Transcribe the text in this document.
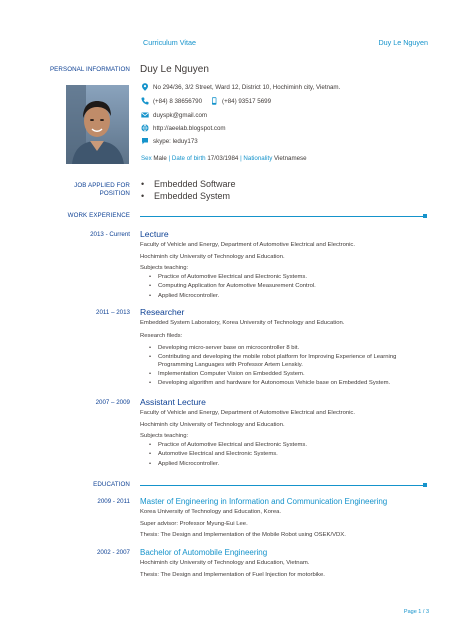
Curriculum Vitae	Duy Le Nguyen
PERSONAL INFORMATION Duy Le Nguyen
No 294/36, 3/2 Street, Ward 12, District 10, Hochiminh city, Vietnam.
(+84) 8 38656790	(+84) 93517 5699
duyspk@gmail.com
http://aeelab.blogspot.com
skype: leduy173
Sex Male | Date of birth 17/03/1984 | Nationality Vietnamese
JOB APPLIED FOR
POSITION
• Embedded Software
• Embedded System
WORK EXPERIENCE
2013 - Current Lecture
Faculty of Vehicle and Energy, Department of Automotive Electrical and Electronic.
Hochiminh city University of Technology and Education.
Subjects teaching:
• Practice of Automotive Electrical and Electronic Systems.
• Computing Application for Automotive Measurement Control.
• Applied Microcontroller.
2011 – 2013 Researcher
Embedded System Laboratory, Korea University of Technology and Education.
Research fileds:
• Developing micro-server base on microcontroller 8 bit.
• Contributing and developing the mobile robot platform for Improving Experience of Learning
Programming Languages with Professor Artem Lenskiy.
• Implementation Computer Vision on Embedded System.
• Developing algorithm and hardware for Autonomous Vehicle base on Embedded System.
2007 – 2009 Assistant Lecture
Faculty of Vehicle and Energy, Department of Automotive Electrical and Electronic.
Hochiminh city University of Technology and Education.
Subjects teaching:
• Practice of Automotive Electrical and Electronic Systems.
• Automotive Electrical and Electronic Systems.
• Applied Microcontroller.
EDUCATION
2009 - 2011 Master of Engineering in Information and Communication Engineering
Korea University of Technology and Education, Korea.
Super advisor: Professor Myung-Eui Lee.
Thesis: The Design and Implementation of the Mobile Robot using OSEK/VDX.
2002 - 2007 Bachelor of Automobile Engineering
Hochiminh city University of Technology and Education, Vietnam.
Thesis: The Design and Implementation of Fuel Injection for motorbike.
Page 1 / 3
